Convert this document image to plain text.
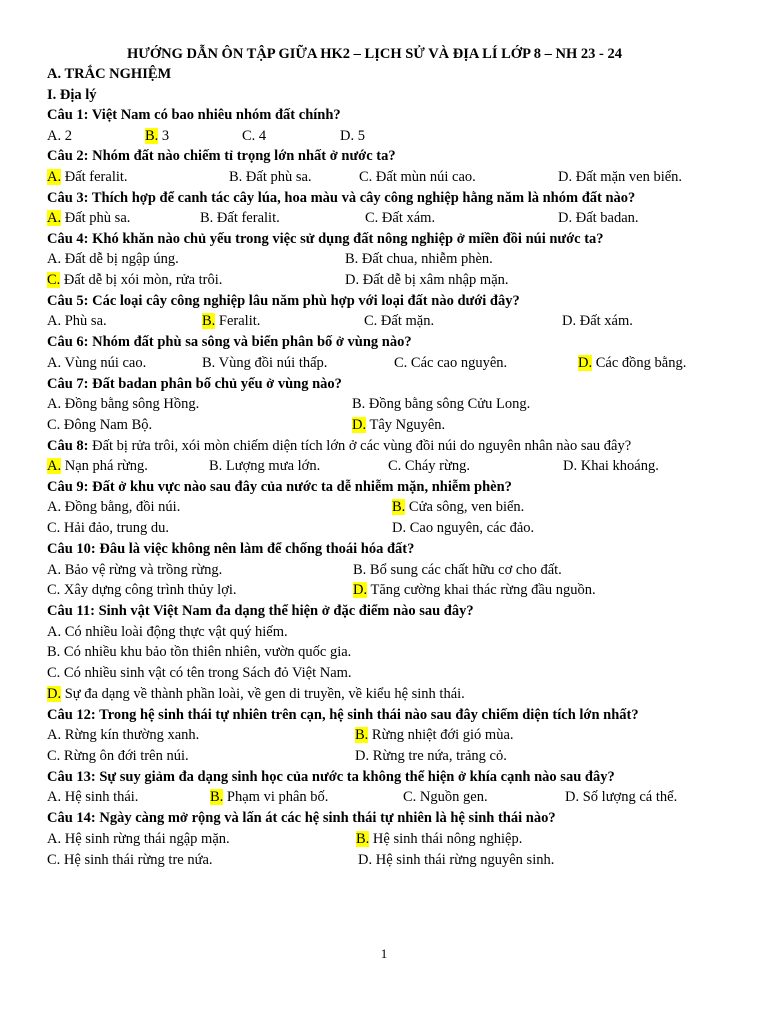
HƯỚNG DẪN ÔN TẬP GIỮA HK2 – LỊCH SỬ VÀ ĐỊA LÍ LỚP 8 – NH 23 - 24
A. TRẮC NGHIỆM
I. Địa lý
Câu 1: Việt Nam có bao nhiêu nhóm đất chính?
A. 2	B. 3	C. 4	D. 5
Câu 2: Nhóm đất nào chiếm tỉ trọng lớn nhất ở nước ta?
A. Đất feralit.	B. Đất phù sa.	C. Đất mùn núi cao.	D. Đất mặn ven biển.
Câu 3: Thích hợp để canh tác cây lúa, hoa màu và cây công nghiệp hằng năm là nhóm đất nào?
A. Đất phù sa.	B. Đất feralit.	C. Đất xám.	D. Đất badan.
Câu 4: Khó khăn nào chủ yếu trong việc sử dụng đất nông nghiệp ở miền đồi núi nước ta?
A. Đất dễ bị ngập úng.	B. Đất chua, nhiễm phèn.
C. Đất dễ bị xói mòn, rửa trôi.	D. Đất dễ bị xâm nhập mặn.
Câu 5: Các loại cây công nghiệp lâu năm phù hợp với loại đất nào dưới đây?
A. Phù sa.	B. Feralit.	C. Đất mặn.	D. Đất xám.
Câu 6: Nhóm đất phù sa sông và biển phân bố ở vùng nào?
A. Vùng núi cao.	B. Vùng đồi núi thấp.	C. Các cao nguyên.	D. Các đồng bằng.
Câu 7: Đất badan phân bố chủ yếu ở vùng nào?
A. Đồng bằng sông Hồng.	B. Đồng bằng sông Cửu Long.
C. Đông Nam Bộ.	D. Tây Nguyên.
Câu 8: Đất bị rửa trôi, xói mòn chiếm diện tích lớn ở các vùng đồi núi do nguyên nhân nào sau đây?
A. Nạn phá rừng.	B. Lượng mưa lớn.	C. Cháy rừng.	D. Khai khoáng.
Câu 9: Đất ở khu vực nào sau đây của nước ta dễ nhiễm mặn, nhiễm phèn?
A. Đồng bằng, đồi núi.	B. Cửa sông, ven biển.
C. Hải đảo, trung du.	D. Cao nguyên, các đảo.
Câu 10: Đâu là việc không nên làm để chống thoái hóa đất?
A. Bảo vệ rừng và trồng rừng.	B. Bổ sung các chất hữu cơ cho đất.
C. Xây dựng công trình thủy lợi.	D. Tăng cường khai thác rừng đầu nguồn.
Câu 11: Sinh vật Việt Nam đa dạng thể hiện ở đặc điểm nào sau đây?
A. Có nhiều loài động thực vật quý hiếm.
B. Có nhiều khu bảo tồn thiên nhiên, vườn quốc gia.
C. Có nhiều sinh vật có tên trong Sách đỏ Việt Nam.
D. Sự đa dạng về thành phần loài, về gen di truyền, về kiểu hệ sinh thái.
Câu 12: Trong hệ sinh thái tự nhiên trên cạn, hệ sinh thái nào sau đây chiếm diện tích lớn nhất?
A. Rừng kín thường xanh.	B. Rừng nhiệt đới gió mùa.
C. Rừng ôn đới trên núi.	D. Rừng tre nứa, trảng cỏ.
Câu 13: Sự suy giảm đa dạng sinh học của nước ta không thể hiện ở khía cạnh nào sau đây?
A. Hệ sinh thái.	B. Phạm vi phân bố.	C. Nguồn gen.	D. Số lượng cá thể.
Câu 14: Ngày càng mở rộng và lấn át các hệ sinh thái tự nhiên là hệ sinh thái nào?
A. Hệ sinh rừng thái ngập mặn.	B. Hệ sinh thái nông nghiệp.
C. Hệ sinh thái rừng tre nứa.	D. Hệ sinh thái rừng nguyên sinh.
1
